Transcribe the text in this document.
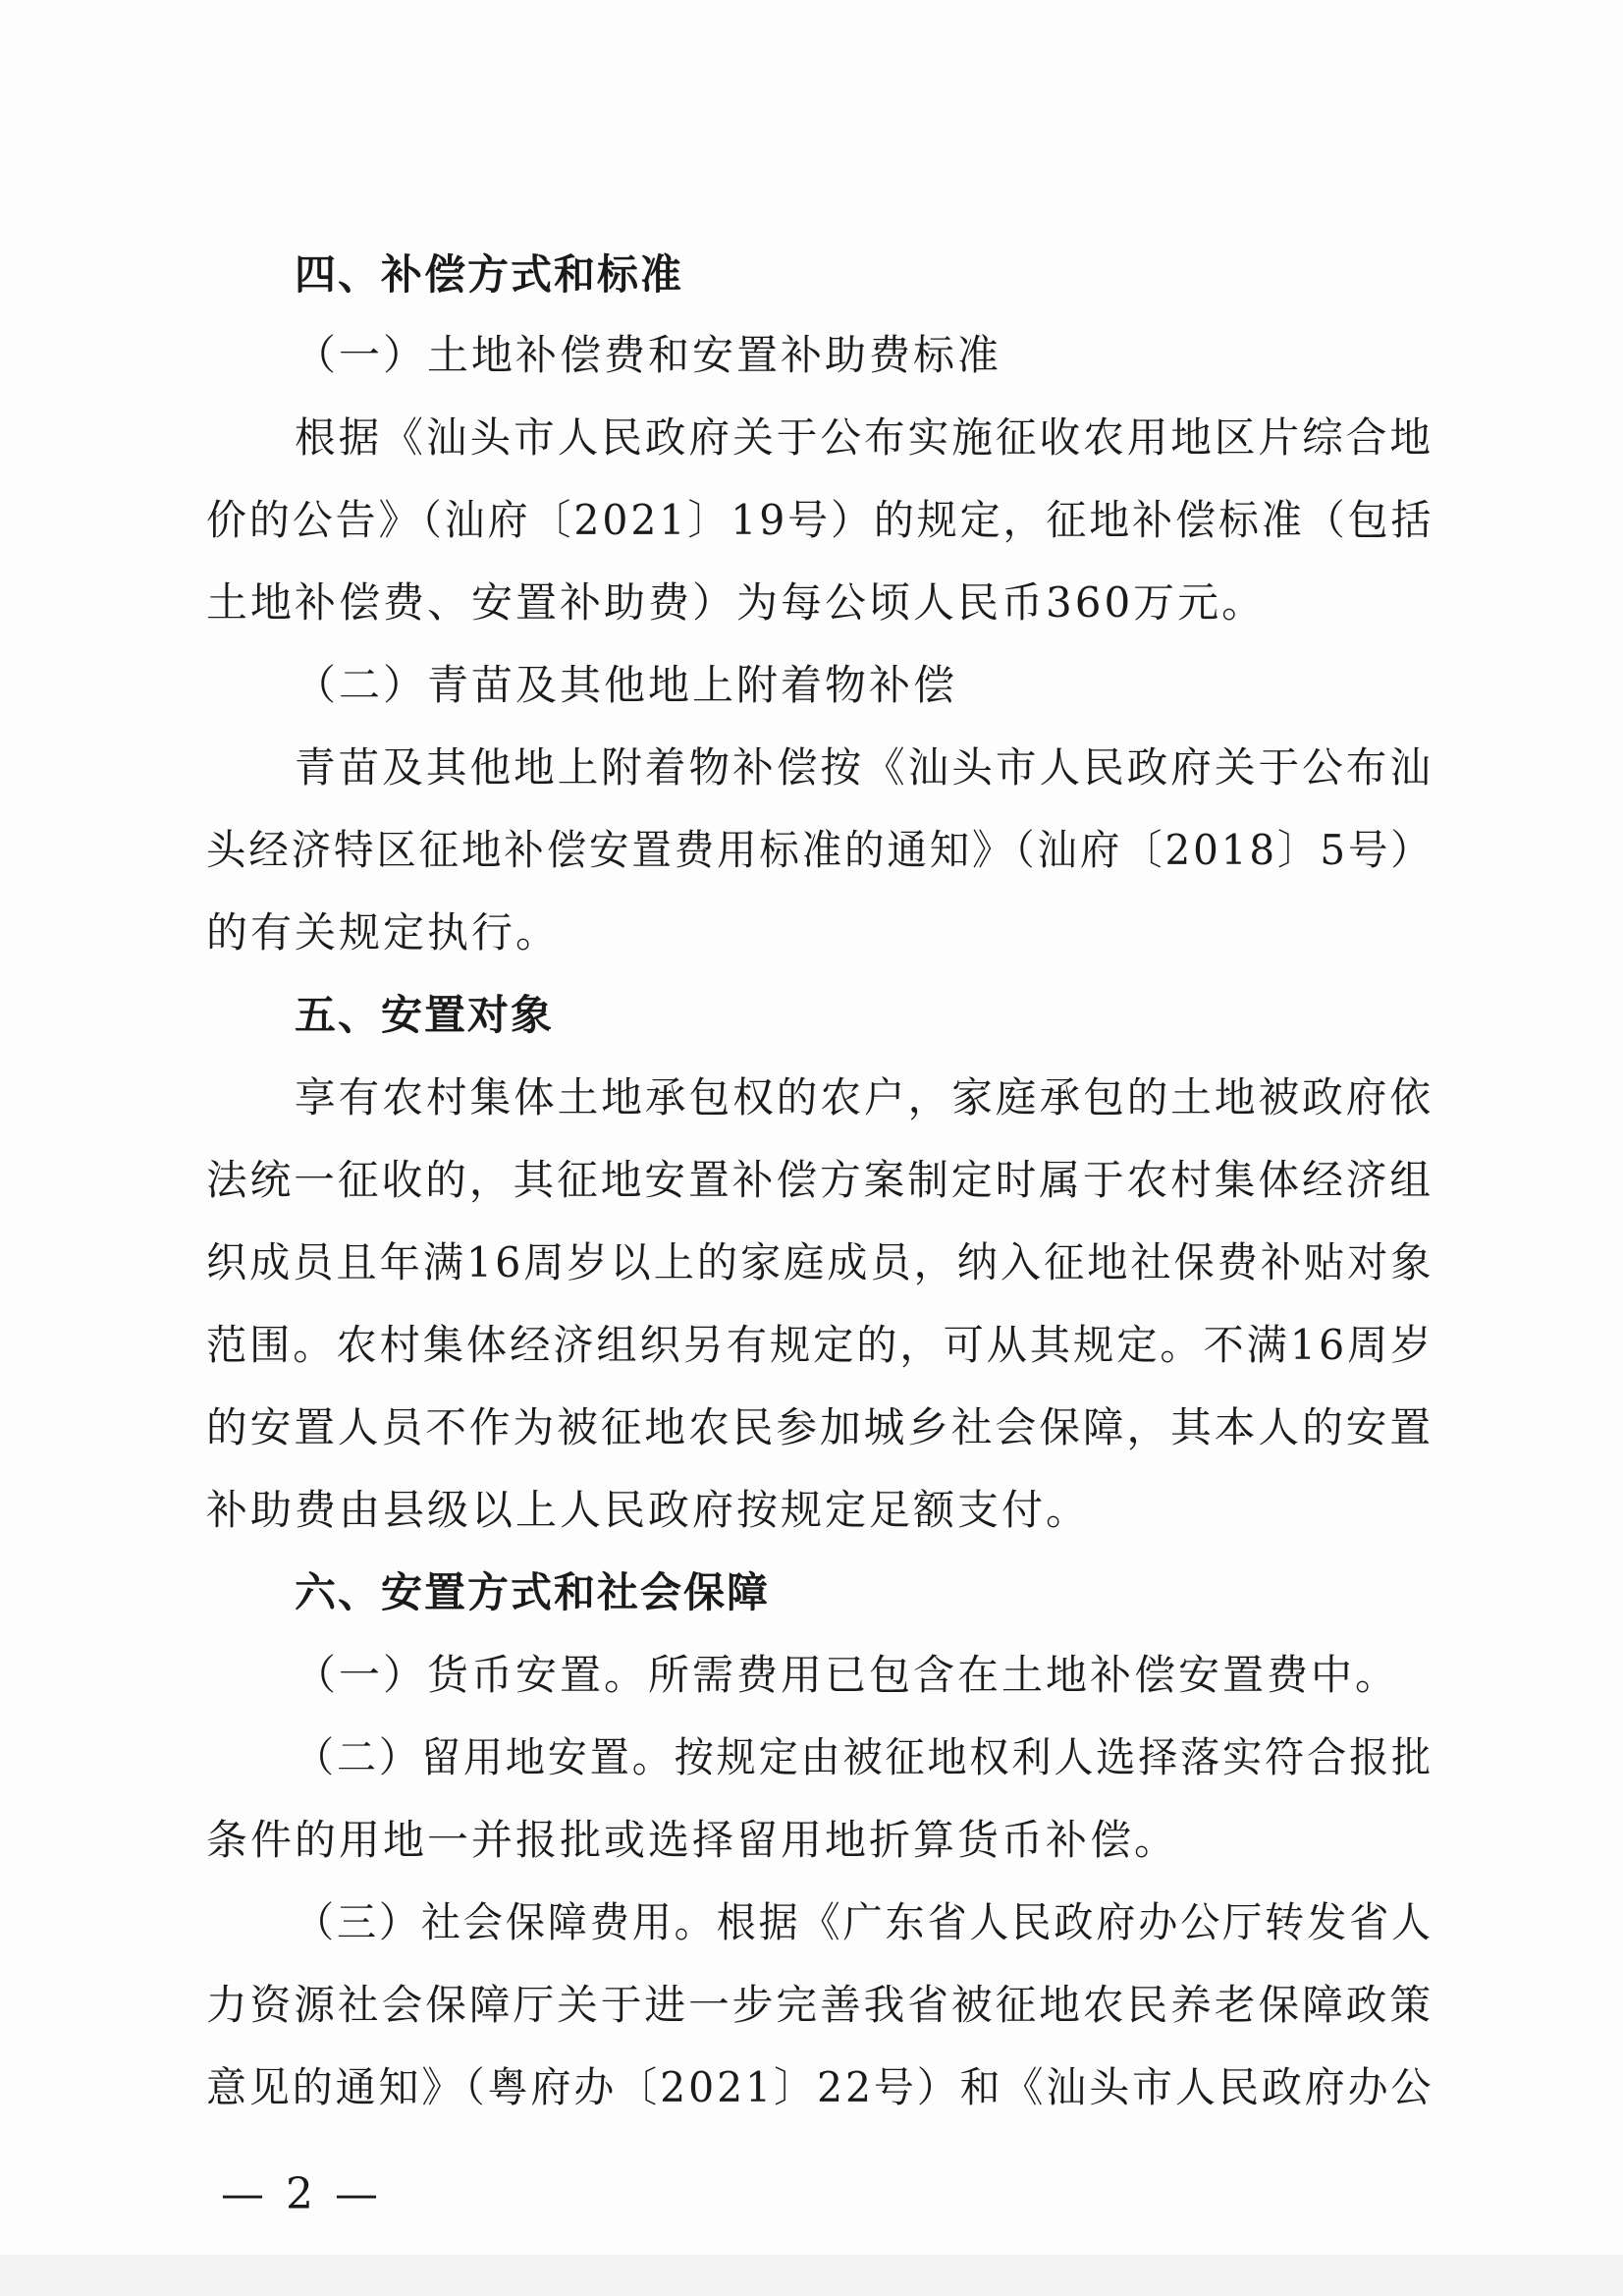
四、补偿方式和标准
（一）土地补偿费和安置补助费标准
根据《汕头市人民政府关于公布实施征收农用地区片综合地
价的公告》（汕府〔2021〕19号）的规定，征地补偿标准（包括
土地补偿费、安置补助费）为每公顷人民币360万元。
（二）青苗及其他地上附着物补偿
青苗及其他地上附着物补偿按《汕头市人民政府关于公布汕
头经济特区征地补偿安置费用标准的通知》（汕府〔2018〕5号）
的有关规定执行。
五、安置对象
享有农村集体土地承包权的农户，家庭承包的土地被政府依
法统一征收的，其征地安置补偿方案制定时属于农村集体经济组
织成员且年满16周岁以上的家庭成员，纳入征地社保费补贴对象
范围。农村集体经济组织另有规定的，可从其规定。不满16周岁
的安置人员不作为被征地农民参加城乡社会保障，其本人的安置
补助费由县级以上人民政府按规定足额支付。
六、安置方式和社会保障
（一）货币安置。所需费用已包含在土地补偿安置费中。
（二）留用地安置。按规定由被征地权利人选择落实符合报批
条件的用地一并报批或选择留用地折算货币补偿。
（三）社会保障费用。根据《广东省人民政府办公厅转发省人
力资源社会保障厅关于进一步完善我省被征地农民养老保障政策
意见的通知》（粤府办〔2021〕22号）和《汕头市人民政府办公
— 2 —
